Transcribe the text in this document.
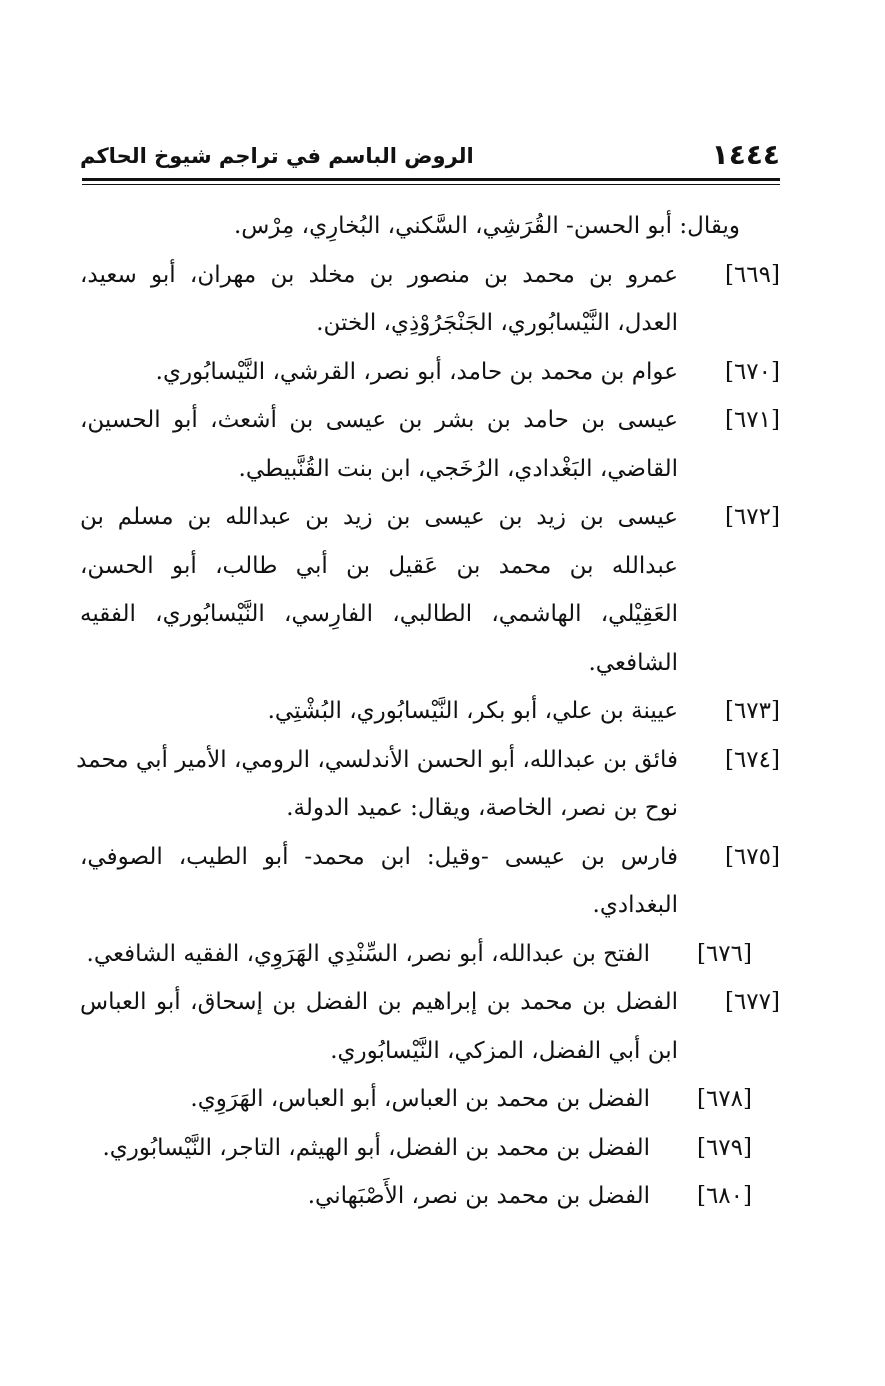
١٤٤٤
الروض الباسم في تراجم شيوخ الحاكم
ويقال: أبو الحسن- القُرَشِي، السَّكني، البُخارِي، مِرْس.
[٦٦٩]
عمرو بن محمد بن منصور بن مخلد بن مهران، أبو سعيد،
العدل، النَّيْسابُوري، الجَنْجَرُوْذِي، الختن.
[٦٧٠]
عوام بن محمد بن حامد، أبو نصر، القرشي، النَّيْسابُوري.
[٦٧١]
عيسى بن حامد بن بشر بن عيسى بن أشعث، أبو الحسين،
القاضي، البَغْدادي، الرُخَجي، ابن بنت القُنَّبيطي.
[٦٧٢]
عيسى بن زيد بن عيسى بن زيد بن عبدالله بن مسلم بن
عبدالله بن محمد بن عَقيل بن أبي طالب، أبو الحسن،
العَقِيْلي، الهاشمي، الطالبي، الفارِسي، النَّيْسابُوري، الفقيه
الشافعي.
[٦٧٣]
عيينة بن علي، أبو بكر، النَّيْسابُوري، البُشْتِي.
[٦٧٤]
فائق بن عبدالله، أبو الحسن الأندلسي، الرومي، الأمير أبي محمد
نوح بن نصر، الخاصة، ويقال: عميد الدولة.
[٦٧٥]
فارس بن عيسى -وقيل: ابن محمد- أبو الطيب، الصوفي،
البغدادي.
[٦٧٦]
الفتح بن عبدالله، أبو نصر، السِّنْدِي الهَرَوِي، الفقيه الشافعي.
[٦٧٧]
الفضل بن محمد بن إبراهيم بن الفضل بن إسحاق، أبو العباس
ابن أبي الفضل، المزكي، النَّيْسابُوري.
[٦٧٨]
الفضل بن محمد بن العباس، أبو العباس، الهَرَوِي.
[٦٧٩]
الفضل بن محمد بن الفضل، أبو الهيثم، التاجر، النَّيْسابُوري.
[٦٨٠]
الفضل بن محمد بن نصر، الأَصْبَهاني.
